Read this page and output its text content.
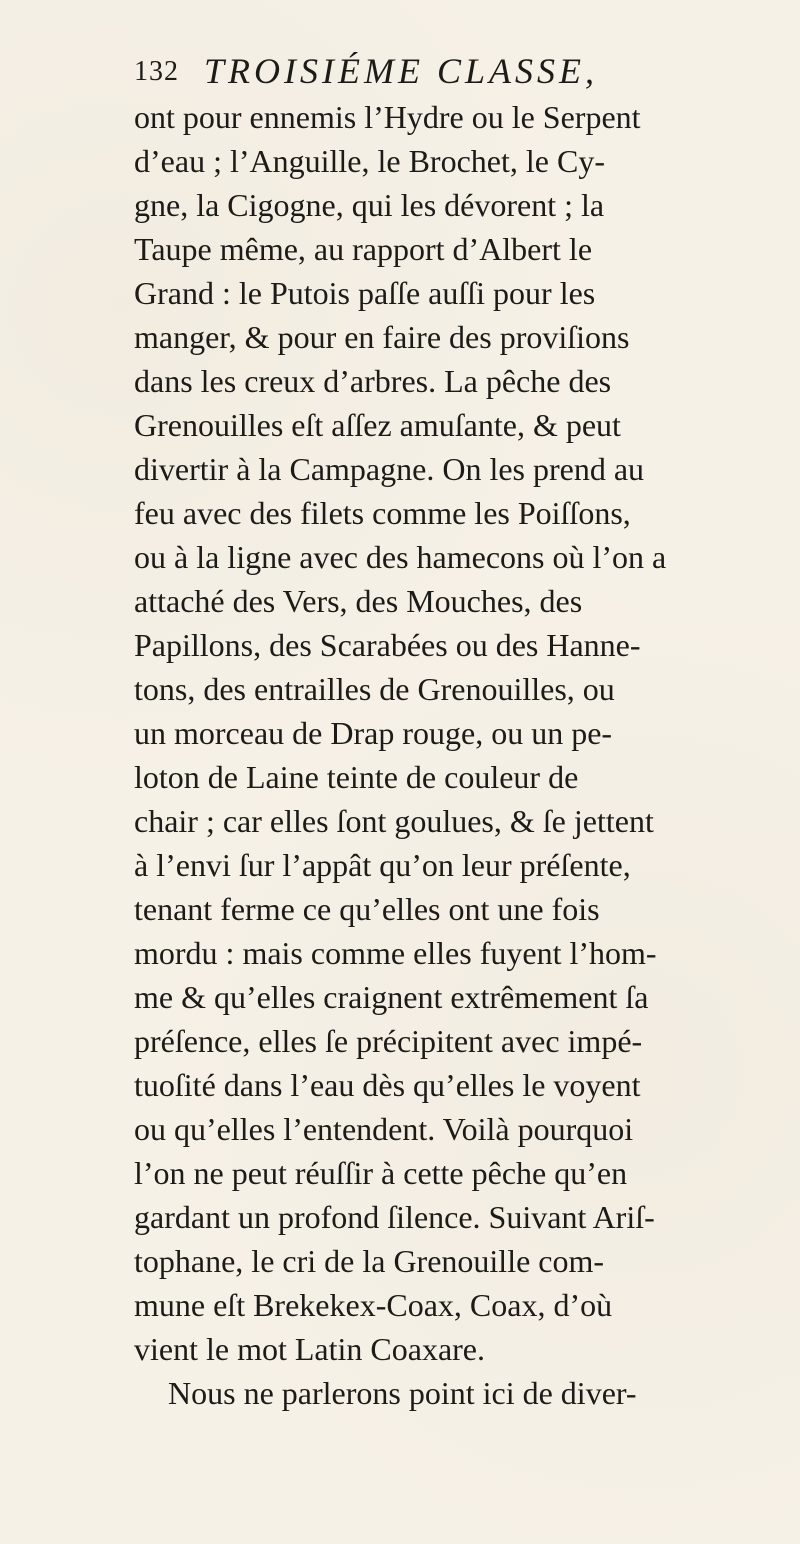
132 TROISIÉME CLASSE,
ont pour ennemis l’Hydre ou le Serpent
d’eau ; l’Anguille, le Brochet, le Cy-
gne, la Cigogne, qui les dévorent ; la
Taupe même, au rapport d’Albert le
Grand : le Putois paſſe auſſi pour les
manger, & pour en faire des proviſions
dans les creux d’arbres. La pêche des
Grenouilles eſt aſſez amuſante, & peut
divertir à la Campagne. On les prend au
feu avec des filets comme les Poiſſons,
ou à la ligne avec des hamecons où l’on a
attaché des Vers, des Mouches, des
Papillons, des Scarabées ou des Hanne-
tons, des entrailles de Grenouilles, ou
un morceau de Drap rouge, ou un pe-
loton de Laine teinte de couleur de
chair ; car elles ſont goulues, & ſe jettent
à l’envi ſur l’appât qu’on leur préſente,
tenant ferme ce qu’elles ont une fois
mordu : mais comme elles fuyent l’hom-
me & qu’elles craignent extrêmement ſa
préſence, elles ſe précipitent avec impé-
tuoſité dans l’eau dès qu’elles le voyent
ou qu’elles l’entendent. Voilà pourquoi
l’on ne peut réuſſir à cette pêche qu’en
gardant un profond ſilence. Suivant Ariſ-
tophane, le cri de la Grenouille com-
mune eſt Brekekex-Coax, Coax, d’où
vient le mot Latin Coaxare.
Nous ne parlerons point ici de diver-
